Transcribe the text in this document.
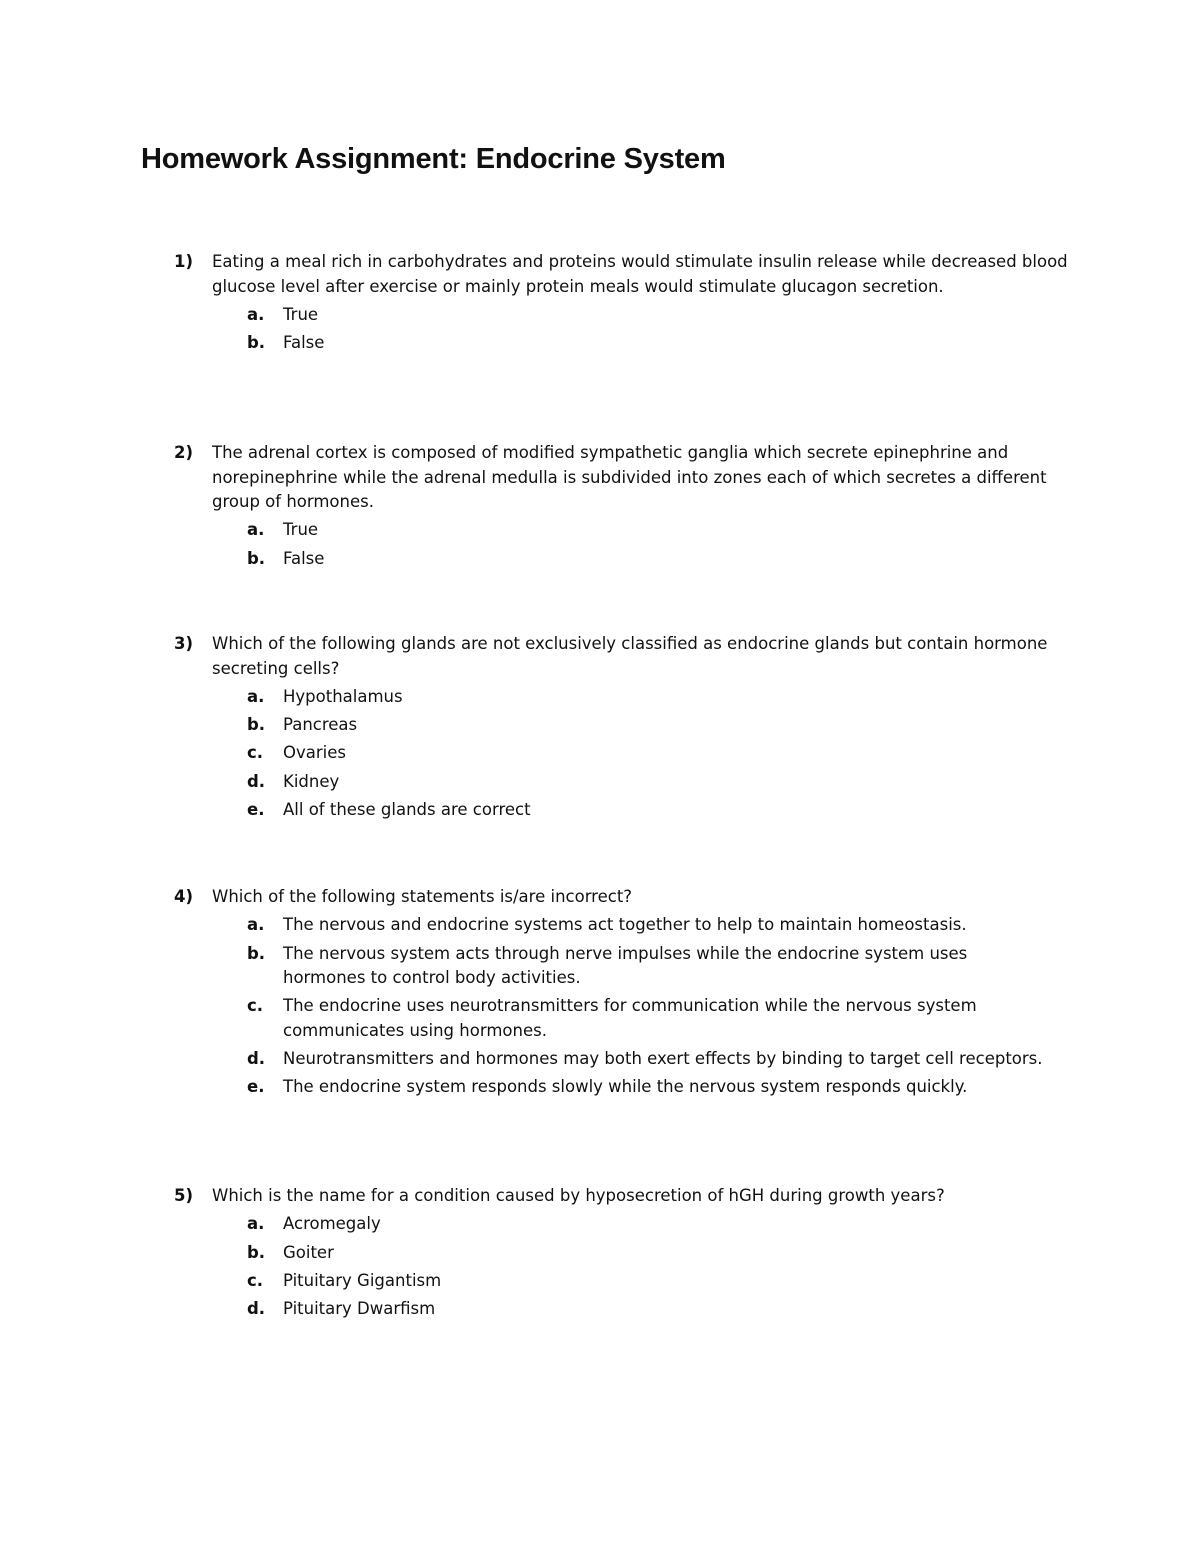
Homework Assignment: Endocrine System
1) Eating a meal rich in carbohydrates and proteins would stimulate insulin release while decreased blood glucose level after exercise or mainly protein meals would stimulate glucagon secretion.
a. True
b. False
2) The adrenal cortex is composed of modified sympathetic ganglia which secrete epinephrine and norepinephrine while the adrenal medulla is subdivided into zones each of which secretes a different group of hormones.
a. True
b. False
3) Which of the following glands are not exclusively classified as endocrine glands but contain hormone secreting cells?
a. Hypothalamus
b. Pancreas
c. Ovaries
d. Kidney
e. All of these glands are correct
4) Which of the following statements is/are incorrect?
a. The nervous and endocrine systems act together to help to maintain homeostasis.
b. The nervous system acts through nerve impulses while the endocrine system uses hormones to control body activities.
c. The endocrine uses neurotransmitters for communication while the nervous system communicates using hormones.
d. Neurotransmitters and hormones may both exert effects by binding to target cell receptors.
e. The endocrine system responds slowly while the nervous system responds quickly.
5) Which is the name for a condition caused by hyposecretion of hGH during growth years?
a. Acromegaly
b. Goiter
c. Pituitary Gigantism
d. Pituitary Dwarfism
